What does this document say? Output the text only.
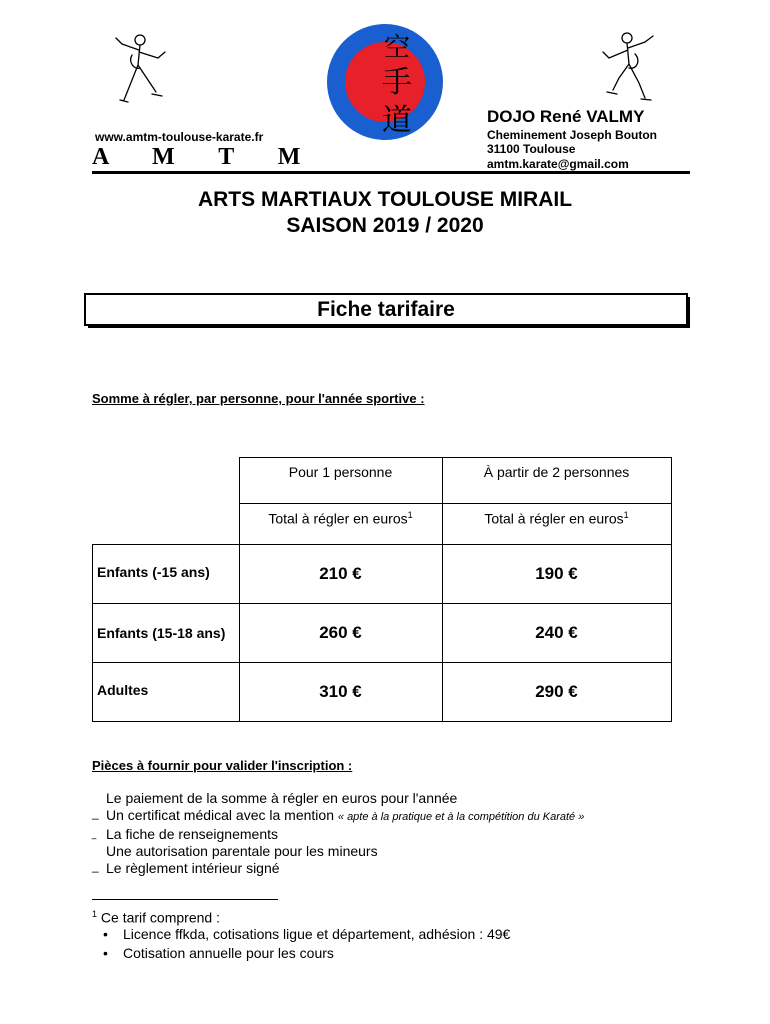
空
手
道
www.amtm-toulouse-karate.fr
A M T M
DOJO René VALMY
Cheminement Joseph Bouton
31100 Toulouse
amtm.karate@gmail.com
ARTS MARTIAUX TOULOUSE MIRAIL
SAISON 2019 / 2020
Fiche tarifaire
Somme à régler, par personne, pour l'année sportive :
	Pour 1 personne	À partir de 2 personnes
	Total à régler en euros$^1$	Total à régler en euros$^1$
Enfants (-15 ans)	210 €	190 €
Enfants (15-18 ans)	260 €	240 €
Adultes	310 €	290 €
Pièces à fournir pour valider l'inscription :
Le paiement de la somme à régler en euros pour l'année
_ Un certificat médical avec la mention « apte à la pratique et à la compétition du Karaté »
La fiche de renseignements
‾ Une autorisation parentale pour les mineurs
_ Le règlement intérieur signé
$^1$ Ce tarif comprend :
• Licence ffkda, cotisations ligue et département, adhésion : 49€
• Cotisation annuelle pour les cours
